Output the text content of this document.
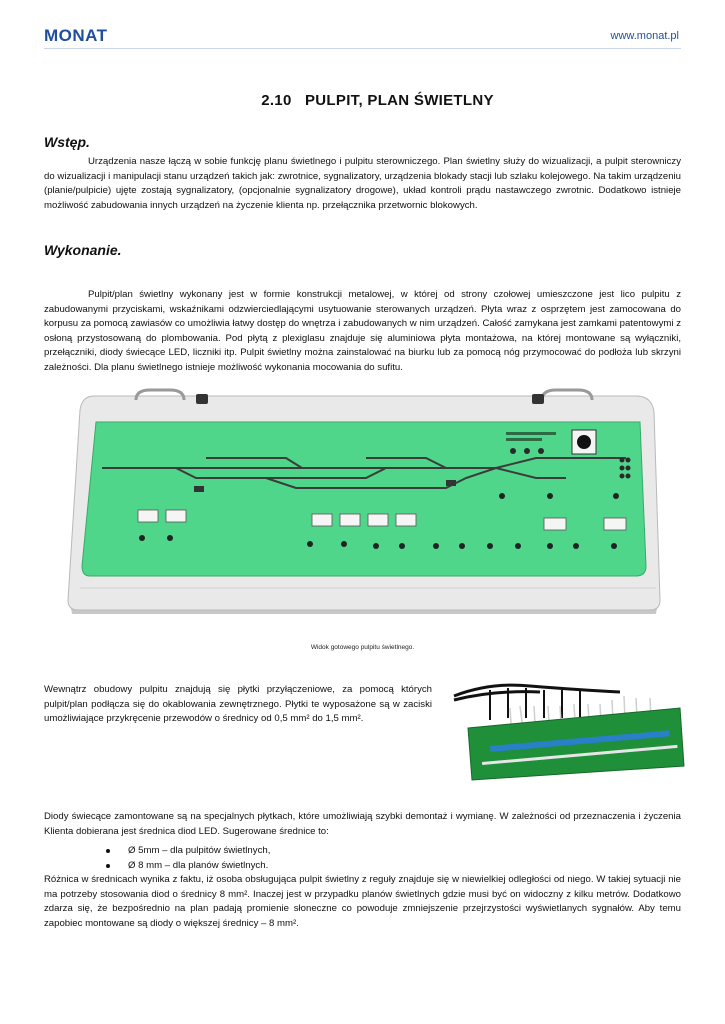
MONAT	www.monat.pl
2.10   PULPIT, PLAN ŚWIETLNY
Wstęp.

Urządzenia nasze łączą w sobie funkcję planu świetlnego i pulpitu sterowniczego. Plan świetlny służy do wizualizacji, a pulpit sterowniczy do wizualizacji i manipulacji stanu urządzeń takich jak: zwrotnice, sygnalizatory, urządzenia blokady stacji lub szlaku kolejowego. Na takim urządzeniu (planie/pulpicie) ujęte zostają sygnalizatory, (opcjonalnie sygnalizatory drogowe), układ kontroli prądu nastawczego zwrotnic. Dodatkowo istnieje możliwość zabudowania innych urządzeń na życzenie klienta np. przełącznika przetwornic blokowych.

Wykonanie.

Pulpit/plan świetlny wykonany jest w formie konstrukcji metalowej, w której od strony czołowej umieszczone jest lico pulpitu z zabudowanymi przyciskami, wskaźnikami odzwierciedlającymi usytuowanie sterowanych urządzeń. Płyta wraz z osprzętem jest zamocowana do korpusu za pomocą zawiasów co umożliwia łatwy dostęp do wnętrza i zabudowanych w nim urządzeń. Całość zamykana jest zamkami patentowymi z osłoną przystosowaną do plombowania. Pod płytą z plexiglasu znajduje się aluminiowa płyta montażowa, na której montowane są wyłączniki, przełączniki, diody świecące LED, liczniki itp. Pulpit świetlny można zainstalować na biurku lub za pomocą nóg przymocować do podłoża lub skrzyni zależności. Dla planu świetlnego istnieje możliwość wykonania mocowania do sufitu.

Widok gotowego pulpitu świetlnego.

Wewnątrz obudowy pulpitu znajdują się płytki przyłączeniowe, za pomocą których pulpit/plan podłącza się do okablowania zewnętrznego. Płytki te wyposażone są w zaciski umożliwiające przykręcenie przewodów o średnicy od 0,5 mm² do 1,5 mm².

Diody świecące zamontowane są na specjalnych płytkach, które umożliwiają szybki demontaż i wymianę. W zależności od przeznaczenia i życzenia Klienta dobierana jest średnica diod LED. Sugerowane średnice to:

Ø 5mm – dla pulpitów świetlnych,
Ø 8 mm – dla planów świetlnych.

Różnica w średnicach wynika z faktu, iż osoba obsługująca pulpit świetlny z reguły znajduje się w niewielkiej odległości od niego. W takiej sytuacji nie ma potrzeby stosowania diod o średnicy 8 mm². Inaczej jest w przypadku planów świetlnych gdzie musi być on widoczny z kilku metrów. Dodatkowo zdarza się, że bezpośrednio na plan padają promienie słoneczne co powoduje zmniejszenie przejrzystości wyświetlanych sygnałów. Aby temu zapobiec montowane są diody o większej średnicy – 8 mm².
